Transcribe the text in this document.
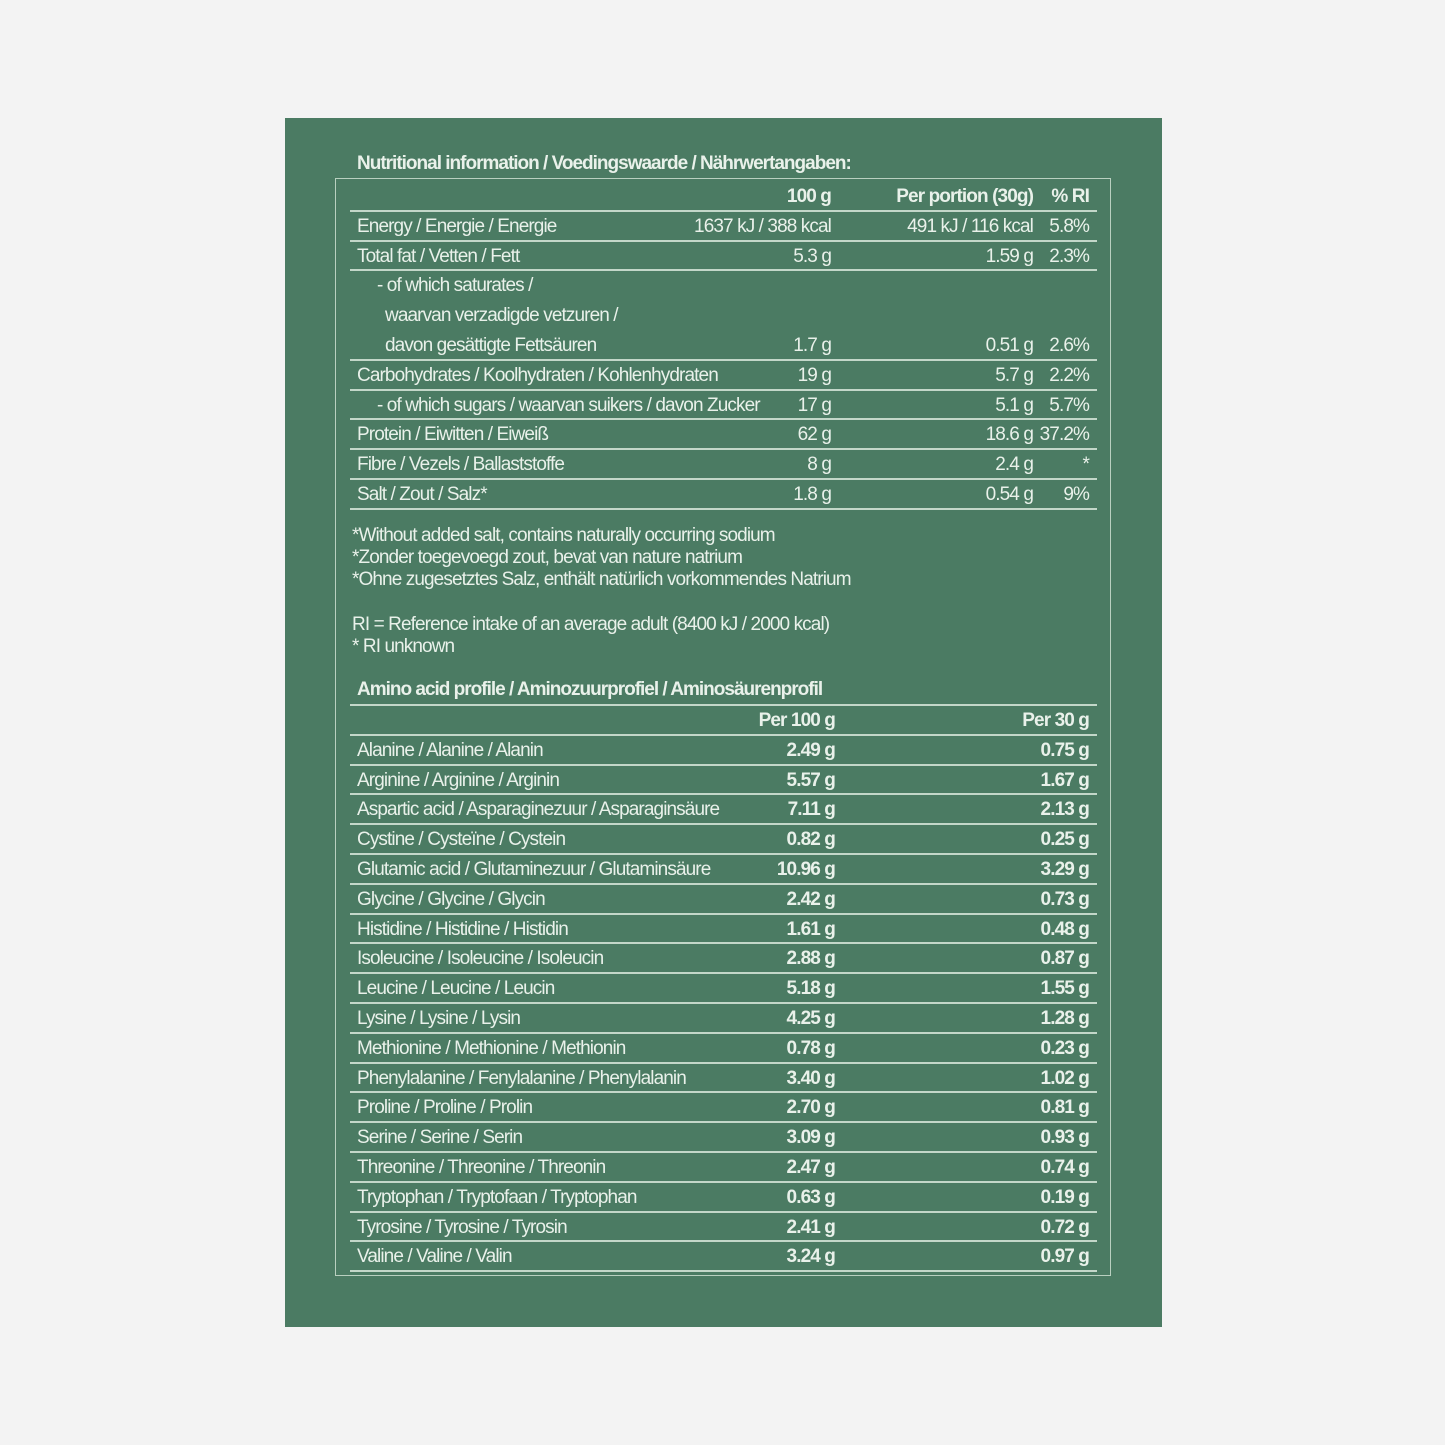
Nutritional information / Voedingswaarde / Nährwertangaben:
100 g	Per portion (30g) % RI
Energy / Energie / Energie	1637 kJ / 388 kcal	491 kJ / 116 kcal 5.8%
Total fat / Vetten / Fett	5.3 g	1.59 g 2.3%
- of which saturates /
waarvan verzadigde vetzuren /
davon gesättigte Fettsäuren	1.7 g	0.51 g 2.6%
Carbohydrates / Koolhydraten / Kohlenhydraten	19 g	5.7 g 2.2%
- of which sugars / waarvan suikers / davon Zucker 17 g	5.1 g 5.7%
Protein / Eiwitten / Eiweiß	62 g	18.6 g 37.2%
Fibre / Vezels / Ballaststoffe	8 g	2.4 g	*
Salt / Zout / Salz*	1.8 g	0.54 g 9%
*Without added salt, contains naturally occurring sodium
*Zonder toegevoegd zout, bevat van nature natrium
*Ohne zugesetztes Salz, enthält natürlich vorkommendes Natrium
RI = Reference intake of an average adult (8400 kJ / 2000 kcal)
* RI unknown
Amino acid profile / Aminozuurprofiel / Aminosäurenprofil
Per 100 g	Per 30 g
Alanine / Alanine / Alanin	2.49 g	0.75 g
Arginine / Arginine / Arginin	5.57 g	1.67 g
Aspartic acid / Asparaginezuur / Asparaginsäure	7.11 g	2.13 g
Cystine / Cysteïne / Cystein	0.82 g	0.25 g
Glutamic acid / Glutaminezuur / Glutaminsäure	10.96 g	3.29 g
Glycine / Glycine / Glycin	2.42 g	0.73 g
Histidine / Histidine / Histidin	1.61 g	0.48 g
Isoleucine / Isoleucine / Isoleucin	2.88 g	0.87 g
Leucine / Leucine / Leucin	5.18 g	1.55 g
Lysine / Lysine / Lysin	4.25 g	1.28 g
Methionine / Methionine / Methionin	0.78 g	0.23 g
Phenylalanine / Fenylalanine / Phenylalanin	3.40 g	1.02 g
Proline / Proline / Prolin	2.70 g	0.81 g
Serine / Serine / Serin	3.09 g	0.93 g
Threonine / Threonine / Threonin	2.47 g	0.74 g
Tryptophan / Tryptofaan / Tryptophan	0.63 g	0.19 g
Tyrosine / Tyrosine / Tyrosin	2.41 g	0.72 g
Valine / Valine / Valin	3.24 g	0.97 g
